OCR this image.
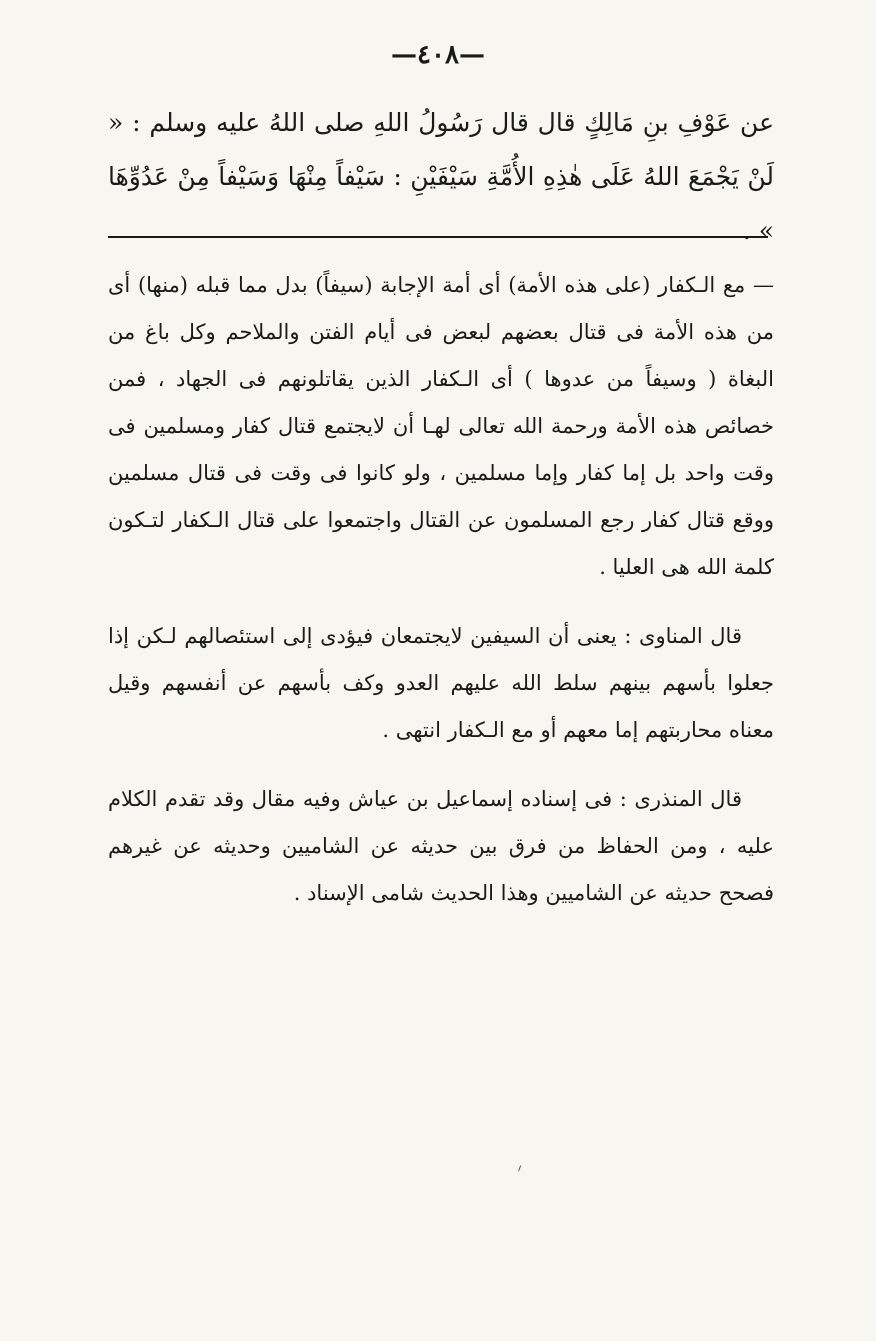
—٤٠٨—
عن عَوْفِ بنِ مَالِكٍ قال قال رَسُولُ اللهِ صلى اللهُ عليه وسلم : « لَنْ يَجْمَعَ اللهُ عَلَى هٰذِهِ الأُمَّةِ سَيْفَيْنِ : سَيْفاً مِنْهَا وَسَيْفاً مِنْ عَدُوِّهَا » .

— مع الـكفار (على هذه الأمة) أى أمة الإجابة (سيفاً) بدل مما قبله (منها) أى من هذه الأمة فى قتال بعضهم لبعض فى أيام الفتن والملاحم وكل باغ من البغاة ( وسيفاً من عدوها ) أى الـكفار الذين يقاتلونهم فى الجهاد ، فمن خصائص هذه الأمة ورحمة الله تعالى لهـا أن لايجتمع قتال كفار ومسلمين فى وقت واحد بل إما كفار وإما مسلمين ، ولو كانوا فى وقت فى قتال مسلمين ووقع قتال كفار رجع المسلمون عن القتال واجتمعوا على قتال الـكفار لتـكون كلمة الله هى العليا .

قال المناوى : يعنى أن السيفين لايجتمعان فيؤدى إلى استئصالهم لـكن إذا جعلوا بأسهم بينهم سلط الله عليهم العدو وكف بأسهم عن أنفسهم وقيل معناه محاربتهم إما معهم أو مع الـكفار انتهى .

قال المنذرى : فى إسناده إسماعيل بن عياش وفيه مقال وقد تقدم الكلام عليه ، ومن الحفاظ من فرق بين حديثه عن الشاميين وحديثه عن غيرهم فصحح حديثه عن الشاميين وهذا الحديث شامى الإسناد .
